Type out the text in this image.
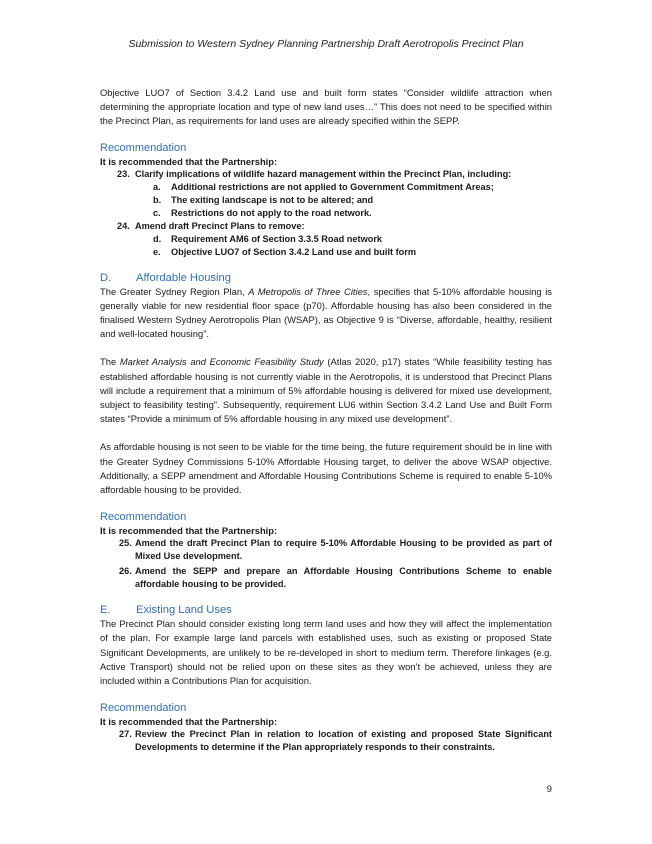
Submission to Western Sydney Planning Partnership Draft Aerotropolis Precinct Plan

Objective LUO7 of Section 3.4.2 Land use and built form states “Consider wildlife attraction when determining the appropriate location and type of new land uses…” This does not need to be specified within the Precinct Plan, as requirements for land uses are already specified within the SEPP.

Recommendation
It is recommended that the Partnership:
23. Clarify implications of wildlife hazard management within the Precinct Plan, including:
a.	Additional restrictions are not applied to Government Commitment Areas;
b.	The exiting landscape is not to be altered; and
c.	Restrictions do not apply to the road network.
24. Amend draft Precinct Plans to remove:
d.	Requirement AM6 of Section 3.3.5 Road network
e.	Objective LUO7 of Section 3.4.2 Land use and built form
D.	Affordable Housing

The Greater Sydney Region Plan, A Metropolis of Three Cities, specifies that 5-10% affordable housing is generally viable for new residential floor space (p70). Affordable housing has also been considered in the finalised Western Sydney Aerotropolis Plan (WSAP), as Objective 9 is “Diverse, affordable, healthy, resilient and well-located housing”.

The Market Analysis and Economic Feasibility Study (Atlas 2020, p17) states “While feasibility testing has established affordable housing is not currently viable in the Aerotropolis, it is understood that Precinct Plans will include a requirement that a minimum of 5% affordable housing is delivered for mixed use development, subject to feasibility testing”. Subsequently, requirement LU6 within Section 3.4.2 Land Use and Built Form states “Provide a minimum of 5% affordable housing in any mixed use development”.

As affordable housing is not seen to be viable for the time being, the future requirement should be in line with the Greater Sydney Commissions 5-10% Affordable Housing target, to deliver the above WSAP objective. Additionally, a SEPP amendment and Affordable Housing Contributions Scheme is required to enable 5-10% affordable housing to be provided.

Recommendation
It is recommended that the Partnership:
25. Amend the draft Precinct Plan to require 5-10% Affordable Housing to be provided as part of Mixed Use development.
26. Amend the SEPP and prepare an Affordable Housing Contributions Scheme to enable affordable housing to be provided.
E.	Existing Land Uses

The Precinct Plan should consider existing long term land uses and how they will affect the implementation of the plan. For example large land parcels with established uses, such as existing or proposed State Significant Developments, are unlikely to be re-developed in short to medium term. Therefore linkages (e.g. Active Transport) should not be relied upon on these sites as they won’t be achieved, unless they are included within a Contributions Plan for acquisition.

Recommendation
It is recommended that the Partnership:
27. Review the Precinct Plan in relation to location of existing and proposed State Significant Developments to determine if the Plan appropriately responds to their constraints.
9
